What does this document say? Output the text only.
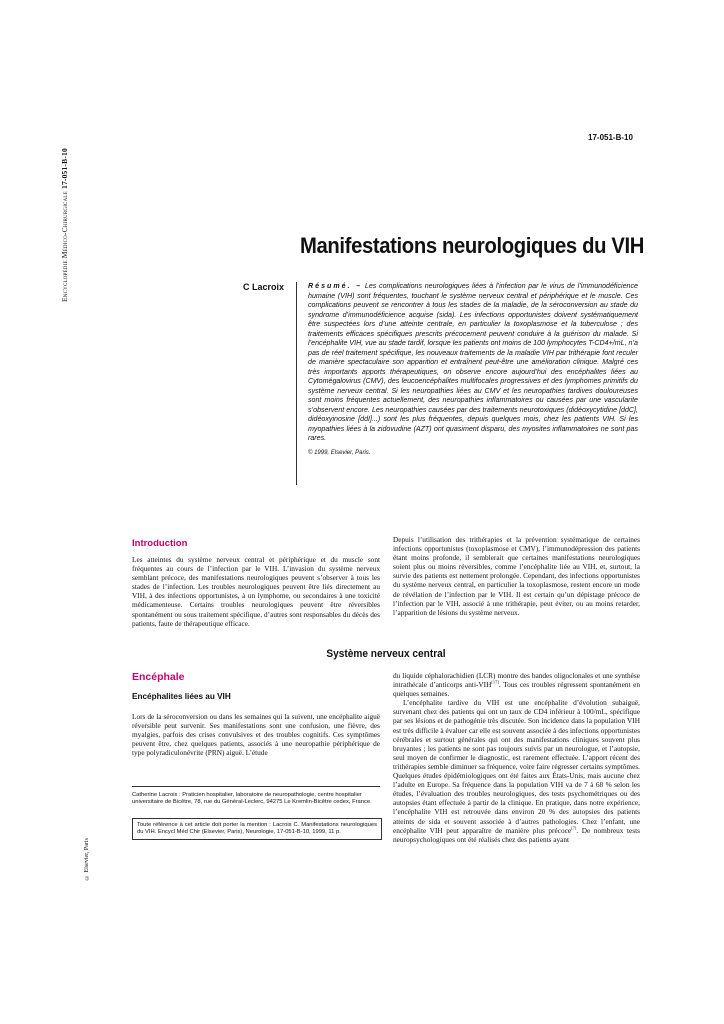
Encyclopédie Médico-Chirurgicale 17-051-B-10
© Elsevier, Paris
17-051-B-10
Manifestations neurologiques du VIH
C Lacroix	Résumé. – Les complications neurologiques liées à l’infection par le virus de l’immunodéficience humaine (VIH) sont fréquentes, touchant le système nerveux central et périphérique et le muscle. Ces complications peuvent se rencontrer à tous les stades de la maladie, de la séroconversion au stade du syndrome d’immunodéficience acquise (sida). Les infections opportunistes doivent systématiquement être suspectées lors d’une atteinte centrale, en particulier la toxoplasmose et la tuberculose ; des traitements efficaces spécifiques prescrits précocement peuvent conduire à la guérison du malade. Si l’encéphalite VIH, vue au stade tardif, lorsque les patients ont moins de 100 lymphocytes T-CD4+/mL, n’a pas de réel traitement spécifique, les nouveaux traitements de la maladie VIH par trithérapie font reculer de manière spectaculaire son apparition et entraînent peut-être une amélioration clinique. Malgré ces très importants apports thérapeutiques, on observe encore aujourd’hui des encéphalites liées au Cytomégalovirus (CMV), des leucoencéphalites multifocales progressives et des lymphomes primitifs du système nerveux central. Si les neuropathies liées au CMV et les neuropathies tardives douloureuses sont moins fréquentes actuellement, des neuropathies inflammatoires ou causées par une vascularite s’observent encore. Les neuropathies causées par des traitements neurotoxiques (didéoxycytidine [ddC], didéoxyinosine [ddI]...) sont les plus fréquentes, depuis quelques mois, chez les patients VIH. Si les myopathies liées à la zidovudine (AZT) ont quasiment disparu, des myosites inflammatoires ne sont pas rares.
© 1999, Elsevier, Paris.
Introduction
Les atteintes du système nerveux central et périphérique et du muscle sont fréquentes au cours de l’infection par le VIH. L’invasion du système nerveux semblant précoce, des manifestations neurologiques peuvent s’observer à tous les stades de l’infection. Les troubles neurologiques peuvent être liés directement au VIH, à des infections opportunistes, à un lymphome, ou secondaires à une toxicité médicamenteuse. Certains troubles neurologiques peuvent être réversibles spontanément ou sous traitement spécifique, d’autres sont responsables du décès des patients, faute de thérapeutique efficace.
Depuis l’utilisation des trithérapies et la prévention systématique de certaines infections opportunistes (toxoplasmose et CMV), l’immunodépression des patients étant moins profonde, il semblerait que certaines manifestations neurologiques soient plus ou moins réversibles, comme l’encéphalite liée au VIH, et, surtout, la survie des patients est nettement prolongée. Cependant, des infections opportunistes du système nerveux central, en particulier la toxoplasmose, restent encore un mode de révélation de l’infection par le VIH. Il est certain qu’un dépistage précoce de l’infection par le VIH, associé à une trithérapie, peut éviter, ou au moins retarder, l’apparition de lésions du système nerveux.
Système nerveux central
Encéphale
Encéphalites liées au VIH
Lors de la séroconversion ou dans les semaines qui la suivent, une encéphalite aiguë réversible peut survenir. Ses manifestations sont une confusion, une fièvre, des myalgies, parfois des crises convulsives et des troubles cognitifs. Ces symptômes peuvent être, chez quelques patients, associés à une neuropathie périphérique de type polyradiculonévrite (PRN) aiguë. L’étude

du liquide céphalorachidien (LCR) montre des bandes oligoclonales et une synthèse intrathécale d’anticorps anti-VIH[17]. Tous ces troubles régressent spontanément en quelques semaines.

L’encéphalite tardive du VIH est une encéphalite d’évolution subaiguë, survenant chez des patients qui ont un taux de CD4 inférieur à 100/mL, spécifique par ses lésions et de pathogénie très discutée. Son incidence dans la population VIH est très difficile à évaluer car elle est souvent associée à des infections opportunistes cérébrales et surtout générales qui ont des manifestations cliniques souvent plus bruyantes ; les patients ne sont pas toujours suivis par un neurologue, et l’autopsie, seul moyen de confirmer le diagnostic, est rarement effectuée. L’apport récent des trithérapies semble diminuer sa fréquence, voire faire régresser certains symptômes. Quelques études épidémiologiques ont été faites aux États-Unis, mais aucune chez l’adulte en Europe. Sa fréquence dans la population VIH va de 7 à 68 % selon les études, l’évaluation des troubles neurologiques, des tests psychométriques ou des autopsies étant effectuée à partir de la clinique. En pratique, dans notre expérience, l’encéphalite VIH est retrouvée dans environ 20 % des autopsies des patients atteints de sida et souvent associée à d’autres pathologies. Chez l’enfant, une encéphalite VIH peut apparaître de manière plus précoce[7]. De nombreux tests neuropsychologiques ont été réalisés chez des patients ayant

Catherine Lacroix : Praticien hospitalier, laboratoire de neuropathologie, centre hospitalier universitaire de Bicêtre, 78, rue du Général-Leclerc, 94275 Le Kremlin-Bicêtre cedex, France.
Toute référence à cet article doit porter la mention : Lacroix C. Manifestations neurologiques du VIH. Encycl Méd Chir (Elsevier, Paris), Neurologie, 17-051-B-10, 1999, 11 p.
